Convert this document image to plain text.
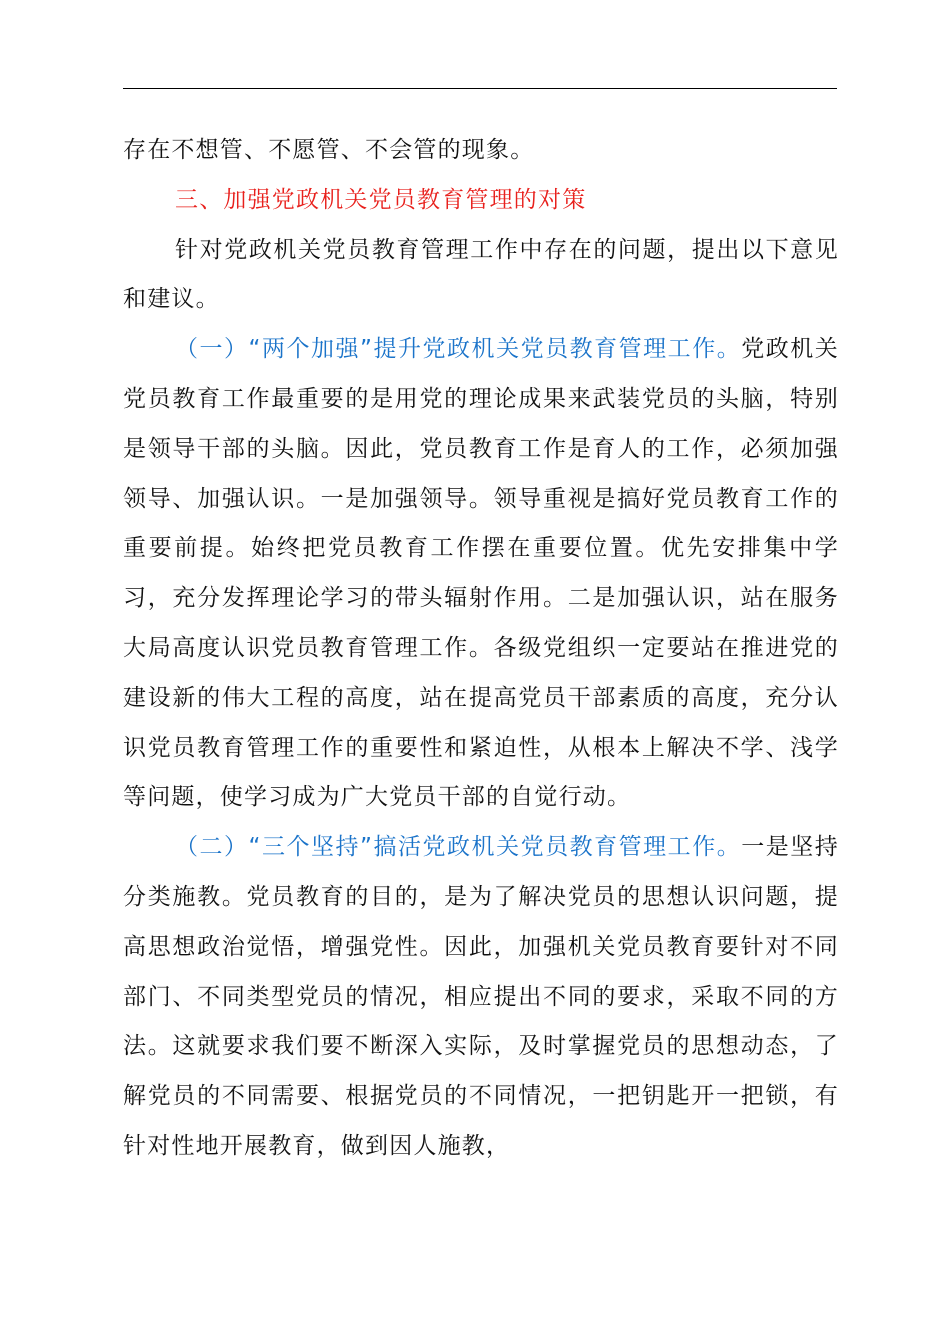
存在不想管、不愿管、不会管的现象。

三、加强党政机关党员教育管理的对策

针对党政机关党员教育管理工作中存在的问题，提出以下意见和建议。

（一）“两个加强”提升党政机关党员教育管理工作。党政机关党员教育工作最重要的是用党的理论成果来武装党员的头脑，特别是领导干部的头脑。因此，党员教育工作是育人的工作，必须加强领导、加强认识。一是加强领导。领导重视是搞好党员教育工作的重要前提。始终把党员教育工作摆在重要位置。优先安排集中学习，充分发挥理论学习的带头辐射作用。二是加强认识，站在服务大局高度认识党员教育管理工作。各级党组织一定要站在推进党的建设新的伟大工程的高度，站在提高党员干部素质的高度，充分认识党员教育管理工作的重要性和紧迫性，从根本上解决不学、浅学等问题，使学习成为广大党员干部的自觉行动。

（二）“三个坚持”搞活党政机关党员教育管理工作。一是坚持分类施教。党员教育的目的，是为了解决党员的思想认识问题，提高思想政治觉悟，增强党性。因此，加强机关党员教育要针对不同部门、不同类型党员的情况，相应提出不同的要求，采取不同的方法。这就要求我们要不断深入实际，及时掌握党员的思想动态，了解党员的不同需要、根据党员的不同情况，一把钥匙开一把锁，有针对性地开展教育，做到因人施教，
